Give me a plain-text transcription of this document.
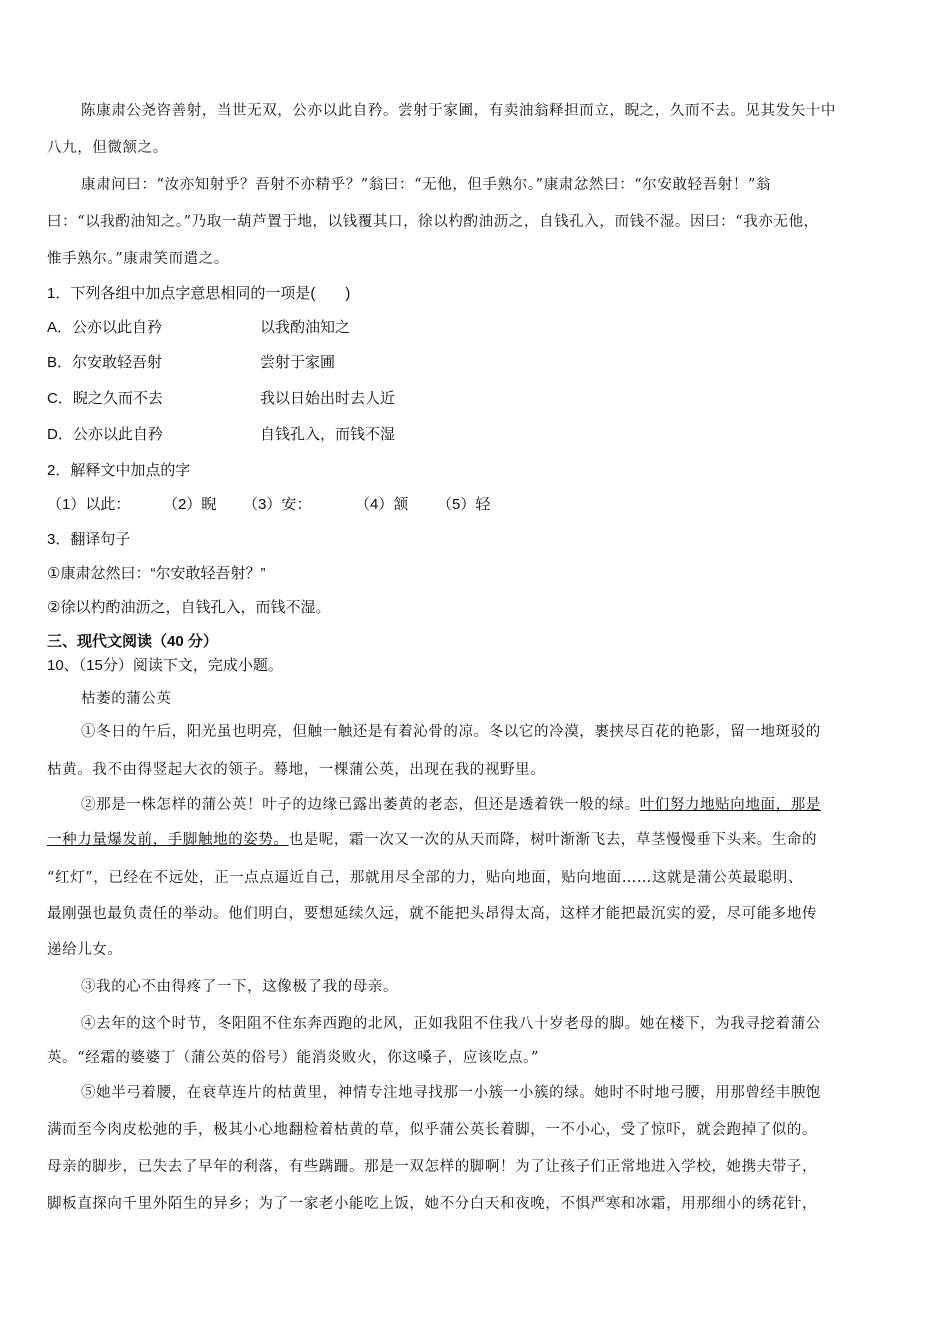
陈康肃公尧咨善射，当世无双，公亦以此自矜。尝射于家圃，有卖油翁释担而立，睨之，久而不去。见其发矢十中
八九，但微颔之。
康肃问曰：“汝亦知射乎？吾射不亦精乎？”翁曰：“无他，但手熟尔。”康肃忿然曰：“尔安敢轻吾射！”翁
曰：“以我酌油知之。”乃取一葫芦置于地，以钱覆其口，徐以杓酌油沥之，自钱孔入，而钱不湿。因曰：“我亦无他，
惟手熟尔。”康肃笑而遣之。
1．下列各组中加点字意思相同的一项是(　　)
A．公亦以此自矜	以我酌油知之
B．尔安敢轻吾射	尝射于家圃
C．睨之久而不去	我以日始出时去人近
D．公亦以此自矜	自钱孔入，而钱不湿
2．解释文中加点的字
（1）以此： （2）睨 （3）安：	（4）颔 （5）轻
3．翻译句子
①康肃忿然曰：“尔安敢轻吾射？”
②徐以杓酌油沥之，自钱孔入，而钱不湿。
三、现代文阅读（40 分）
10、（15分）阅读下文，完成小题。
枯萎的蒲公英
①冬日的午后，阳光虽也明亮，但触一触还是有着沁骨的凉。冬以它的冷漠，裹挟尽百花的艳影，留一地斑驳的
枯黄。我不由得竖起大衣的领子。蓦地，一棵蒲公英，出现在我的视野里。
②那是一株怎样的蒲公英！叶子的边缘已露出萎黄的老态，但还是透着铁一般的绿。叶们努力地贴向地面，那是
一种力量爆发前，手脚触地的姿势。也是呢，霜一次又一次的从天而降，树叶渐渐飞去，草茎慢慢垂下头来。生命的
“红灯”，已经在不远处，正一点点逼近自己，那就用尽全部的力，贴向地面，贴向地面……这就是蒲公英最聪明、
最刚强也最负责任的举动。他们明白，要想延续久远，就不能把头昂得太高，这样才能把最沉实的爱，尽可能多地传
递给儿女。
③我的心不由得疼了一下，这像极了我的母亲。
④去年的这个时节，冬阳阻不住东奔西跑的北风，正如我阻不住我八十岁老母的脚。她在楼下，为我寻挖着蒲公
英。“经霜的婆婆丁（蒲公英的俗号）能消炎败火，你这嗓子，应该吃点。”
⑤她半弓着腰，在衰草连片的枯黄里，神情专注地寻找那一小簇一小簇的绿。她时不时地弓腰，用那曾经丰腴饱
满而至今肉皮松弛的手，极其小心地翻检着枯黄的草，似乎蒲公英长着脚，一不小心，受了惊吓，就会跑掉了似的。
母亲的脚步，已失去了早年的利落，有些蹒跚。那是一双怎样的脚啊！为了让孩子们正常地进入学校，她携夫带子，
脚板直探向千里外陌生的异乡；为了一家老小能吃上饭，她不分白天和夜晚，不惧严寒和冰霜，用那细小的绣花针，
